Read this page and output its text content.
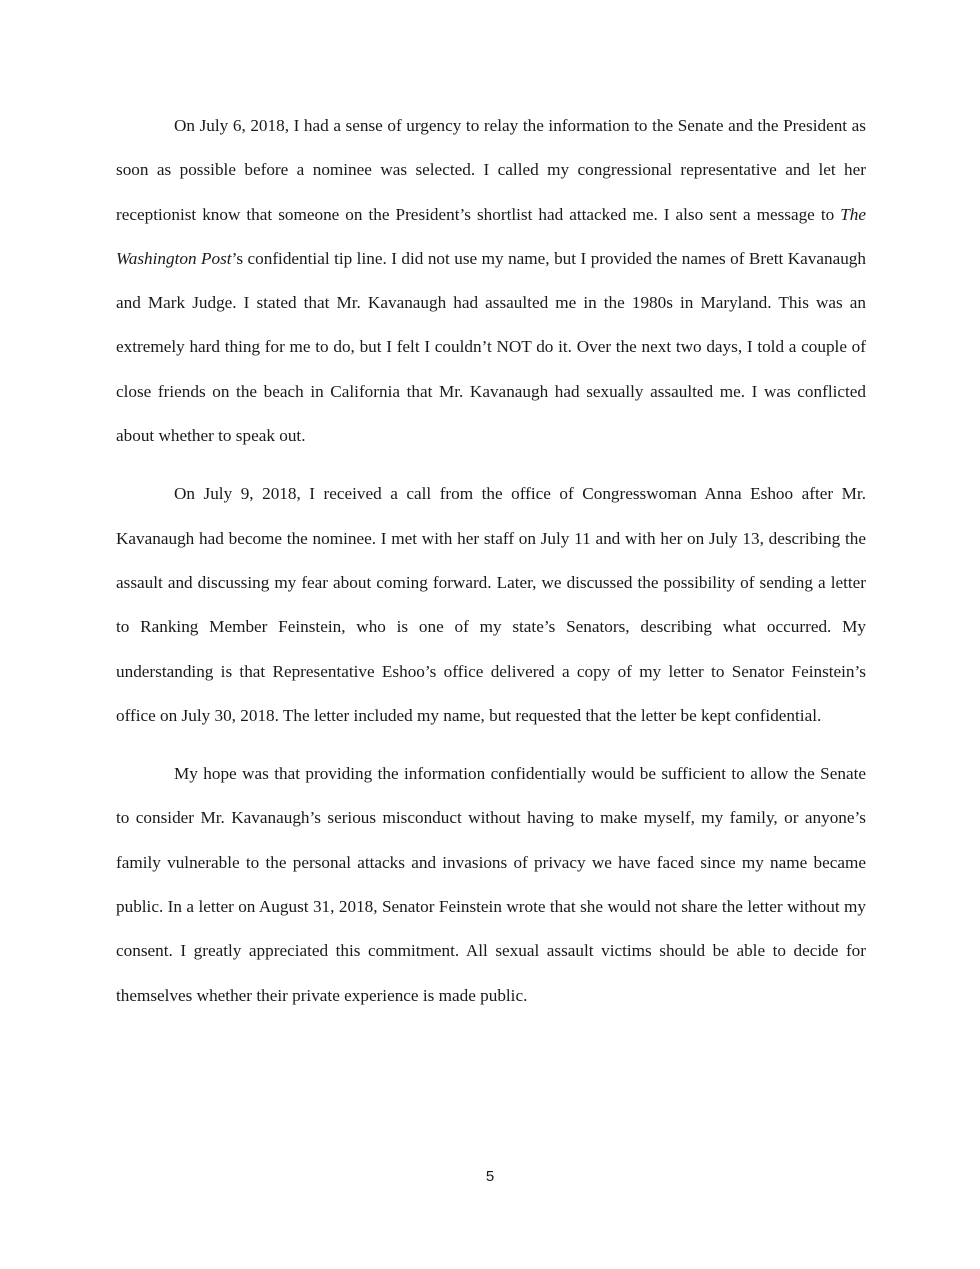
On July 6, 2018, I had a sense of urgency to relay the information to the Senate and the President as soon as possible before a nominee was selected. I called my congressional representative and let her receptionist know that someone on the President’s shortlist had attacked me. I also sent a message to The Washington Post’s confidential tip line. I did not use my name, but I provided the names of Brett Kavanaugh and Mark Judge. I stated that Mr. Kavanaugh had assaulted me in the 1980s in Maryland. This was an extremely hard thing for me to do, but I felt I couldn’t NOT do it. Over the next two days, I told a couple of close friends on the beach in California that Mr. Kavanaugh had sexually assaulted me. I was conflicted about whether to speak out.

On July 9, 2018, I received a call from the office of Congresswoman Anna Eshoo after Mr. Kavanaugh had become the nominee. I met with her staff on July 11 and with her on July 13, describing the assault and discussing my fear about coming forward. Later, we discussed the possibility of sending a letter to Ranking Member Feinstein, who is one of my state’s Senators, describing what occurred. My understanding is that Representative Eshoo’s office delivered a copy of my letter to Senator Feinstein’s office on July 30, 2018. The letter included my name, but requested that the letter be kept confidential.

My hope was that providing the information confidentially would be sufficient to allow the Senate to consider Mr. Kavanaugh’s serious misconduct without having to make myself, my family, or anyone’s family vulnerable to the personal attacks and invasions of privacy we have faced since my name became public. In a letter on August 31, 2018, Senator Feinstein wrote that she would not share the letter without my consent. I greatly appreciated this commitment. All sexual assault victims should be able to decide for themselves whether their private experience is made public.

5
